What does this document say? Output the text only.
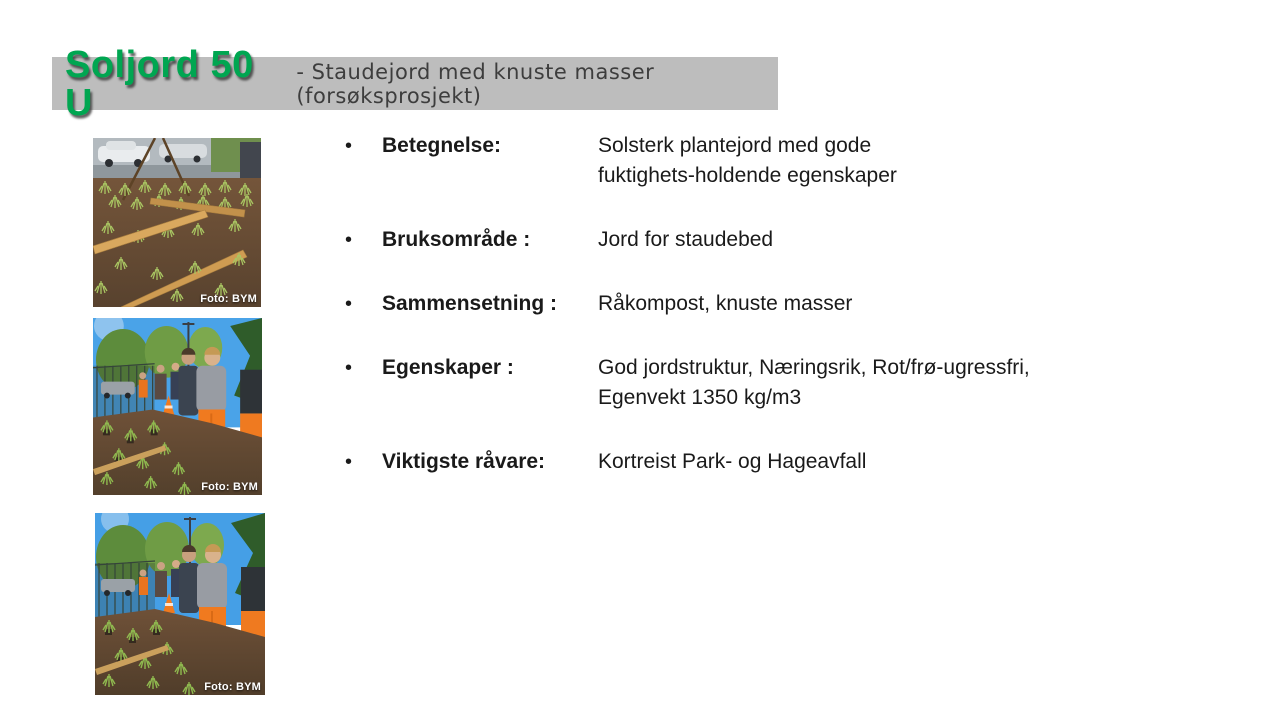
Soljord 50 U
- Staudejord med knuste masser (forsøksprosjekt)
Foto: BYM
Foto: BYM
Foto: BYM
•	Betegnelse:	Solsterk plantejord med gode
fuktighets-holdende egenskaper
•	Bruksområde :	Jord for staudebed
•	Sammensetning :	Råkompost, knuste masser
•	Egenskaper :	God jordstruktur, Næringsrik, Rot/frø-ugressfri,
Egenvekt 1350 kg/m3
•	Viktigste råvare:	Kortreist Park- og Hageavfall
